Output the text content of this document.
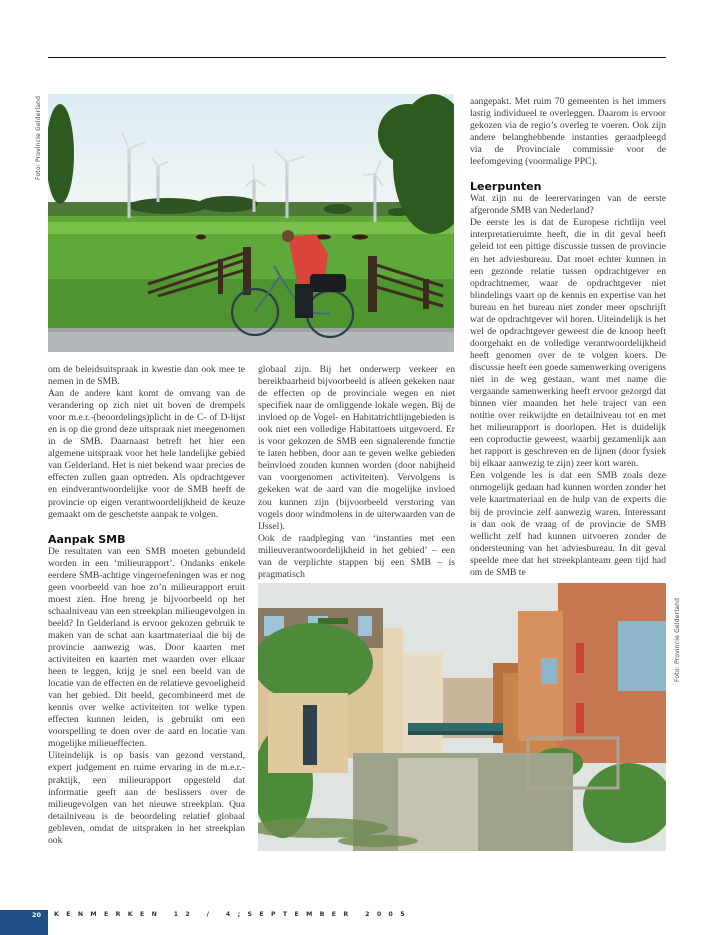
Foto: Provincie Gelderland

om de beleidsuitspraak in kwestie dan ook mee te nemen in de SMB.

Aan de andere kant komt de omvang van de verandering op zich niet uit boven de drempels voor m.e.r.-(beoordelings)plicht in de C- of D-lijst en is op die grond deze uitspraak niet meegenomen in de SMB. Daarnaast betreft het hier een algemene uitspraak voor het hele landelijke gebied van Gelderland. Het is niet bekend waar precies de effecten zullen gaan optreden. Als opdrachtgever en eindverantwoordelijke voor de SMB heeft de provincie op eigen verantwoordelijkheid de keuze gemaakt om de geschetste aanpak te volgen.

Aanpak SMB

De resultaten van een SMB moeten gebundeld worden in een ‘milieurapport’. Ondanks enkele eerdere SMB-achtige vingeroefeningen was er nog geen voorbeeld van hoe zo’n milieurapport eruit moest zien. Hoe breng je bijvoorbeeld op het schaalniveau van een streekplan milieugevolgen in beeld? In Gelderland is ervoor gekozen gebruik te maken van de schat aan kaartmateriaal die bij de provincie aanwezig was. Door kaarten met activiteiten en kaarten met waarden over elkaar heen te leggen, krijg je snel een beeld van de locatie van de effecten en de relatieve gevoeligheid van het gebied. Dit beeld, gecombineerd met de kennis over welke activiteiten tot welke typen effecten kunnen leiden, is gebruikt om een voorspelling te doen over de aard en locatie van mogelijke milieueffecten.

Uiteindelijk is op basis van gezond verstand, expert judgement en ruime ervaring in de m.e.r.-praktijk, een milieurapport opgesteld dat informatie geeft aan de beslissers over de milieugevolgen van het nieuwe streekplan. Qua detailniveau is de beoordeling relatief globaal gebleven, omdat de uitspraken in het streekplan ook

globaal zijn. Bij het onderwerp verkeer en bereikbaarheid bijvoorbeeld is alleen gekeken naar de effecten op de provinciale wegen en niet specifiek naar de omliggende lokale wegen. Bij de invloed op de Vogel- en Habitatrichtlijngebieden is ook niet een volledige Habitattoets uitgevoerd. Er is voor gekozen de SMB een signalerende functie te laten hebben, door aan te geven welke gebieden beïnvloed zouden kunnen worden (door nabijheid van voorgenomen activiteiten). Vervolgens is gekeken wat de aard van die mogelijke invloed zou kunnen zijn (bijvoorbeeld verstoring van vogels door windmolens in de uiterwaarden van de IJssel).

Ook de raadpleging van ‘instanties met een milieuverantwoordelijkheid in het gebied’ – een van de verplichte stappen bij een SMB – is pragmatisch

aangepakt. Met ruim 70 gemeenten is het immers lastig individueel te overleggen. Daarom is ervoor gekozen via de regio’s overleg te voeren. Ook zijn andere belanghebbende instanties geraadpleegd via de Provinciale commissie voor de leefomgeving (voormalige PPC).

Leerpunten

Wat zijn nu de leerervaringen van de eerste afgeronde SMB van Nederland?

De eerste les is dat de Europese richtlijn veel interpretatieruimte heeft, die in dit geval heeft geleid tot een pittige discussie tussen de provincie en het adviesbureau. Dat moet echter kunnen in een gezonde relatie tussen opdrachtgever en opdrachtnemer, waar de opdrachtgever niet blindelings vaart op de kennis en expertise van het bureau en het bureau niet zonder meer opschrijft wat de opdrachtgever wil horen. Uiteindelijk is het wel de opdrachtgever geweest die de knoop heeft doorgehakt en de volledige verantwoordelijkheid heeft genomen over de te volgen koers. De discussie heeft een goede samenwerking overigens niet in de weg gestaan, want met name die vergaande samenwerking heeft ervoor gezorgd dat binnen vier maanden het hele traject van een notitie over reikwijdte en detailniveau tot en met het milieurapport is doorlopen. Het is duidelijk een coproductie geweest, waarbij gezamenlijk aan het rapport is geschreven en de lijnen (door fysiek bij elkaar aanwezig te zijn) zeer kort waren.

Een volgende les is dat een SMB zoals deze onmogelijk gedaan had kunnen worden zonder het vele kaartmateriaal en de hulp van de experts die bij de provincie zelf aanwezig waren. Interessant is dan ook de vraag of de provincie de SMB wellicht zelf had kunnen uitvoeren zonder de ondersteuning van het adviesbureau. In dit geval speelde mee dat het streekplanteam geen tijd had om de SMB te

Foto: Provincie Gelderland
20 KENMERKEN 12 / 4;SEPTEMBER 2005
